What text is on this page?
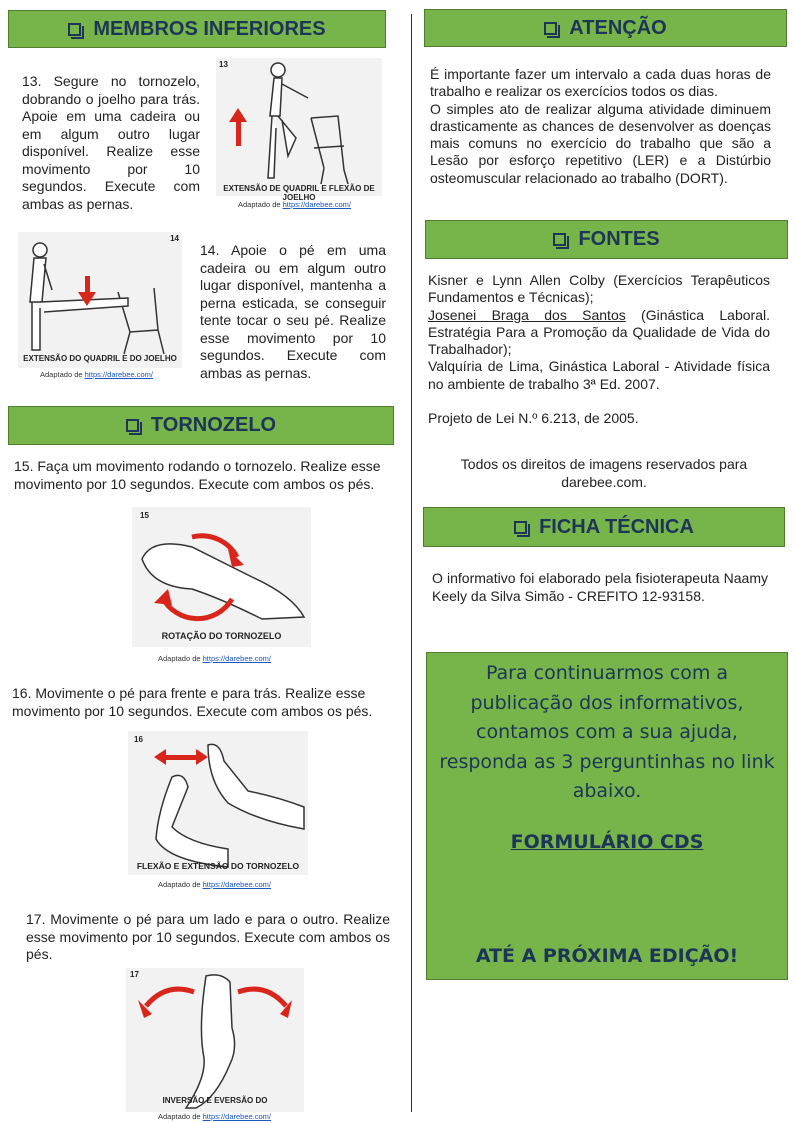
MEMBROS INFERIORES
13. Segure no tornozelo, dobrando o joelho para trás. Apoie em uma cadeira ou em algum outro lugar disponível. Realize esse movimento por 10 segundos. Execute com ambas as pernas.
13
EXTENSÃO DE QUADRIL E FLEXÃO DE JOELHO
Adaptado de https://darebee.com/
14
EXTENSÃO DO QUADRIL E DO JOELHO
14. Apoie o pé em uma cadeira ou em algum outro lugar disponível, mantenha a perna esticada, se conseguir tente tocar o seu pé. Realize esse movimento por 10 segundos. Execute com ambas as pernas.
Adaptado de https://darebee.com/
TORNOZELO
15. Faça um movimento rodando o tornozelo. Realize esse movimento por 10 segundos. Execute com ambos os pés.
15
ROTAÇÃO DO TORNOZELO
Adaptado de https://darebee.com/
16. Movimente o pé para frente e para trás. Realize esse movimento por 10 segundos. Execute com ambos os pés.
16
FLEXÃO E EXTENSÃO DO TORNOZELO
Adaptado de https://darebee.com/
17. Movimente o pé para um lado e para o outro. Realize esse movimento por 10 segundos. Execute com ambos os pés.
17
INVERSÃO E EVERSÃO DO
Adaptado de https://darebee.com/
ATENÇÃO
É importante fazer um intervalo a cada duas horas de trabalho e realizar os exercícios todos os dias.
O simples ato de realizar alguma atividade diminuem drasticamente as chances de desenvolver as doenças mais comuns no exercício do trabalho que são a Lesão por esforço repetitivo (LER) e a Distúrbio osteomuscular relacionado ao trabalho (DORT).
FONTES
Kisner e Lynn Allen Colby (Exercícios Terapêuticos Fundamentos e Técnicas);
Josenei Braga dos Santos (Ginástica Laboral. Estratégia Para a Promoção da Qualidade de Vida do Trabalhador);
Valquíria de Lima, Ginástica Laboral - Atividade física no ambiente de trabalho 3ª Ed. 2007.
Projeto de Lei N.º 6.213, de 2005.
Todos os direitos de imagens reservados para darebee.com.
FICHA TÉCNICA
O informativo foi elaborado pela fisioterapeuta Naamy Keely da Silva Simão - CREFITO 12-93158.
Para continuarmos com a publicação dos informativos, contamos com a sua ajuda, responda as 3 perguntinhas no link abaixo.
FORMULÁRIO CDS
ATÉ A PRÓXIMA EDIÇÃO!
